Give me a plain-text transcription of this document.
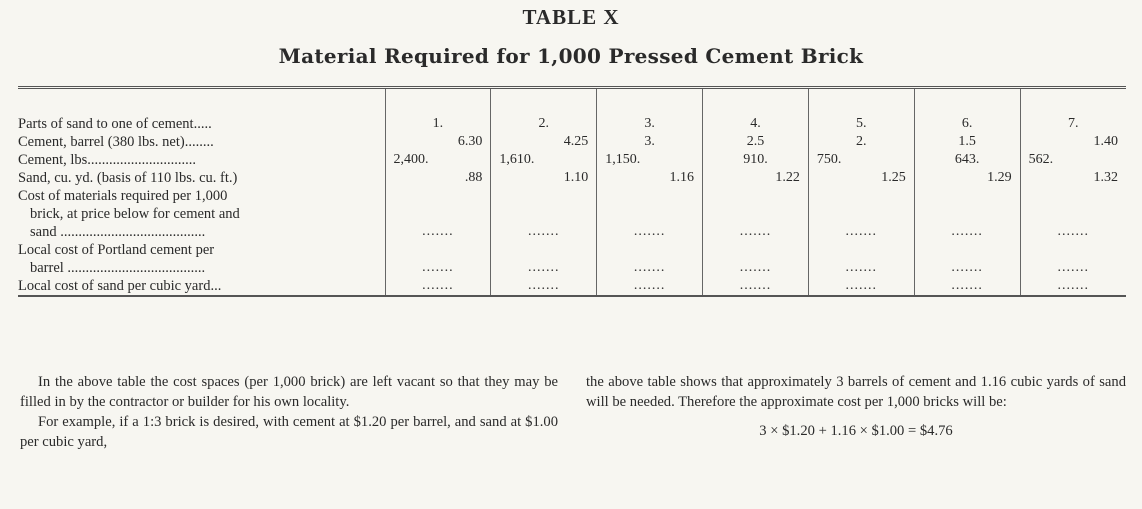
TABLE X
Material Required for 1,000 Pressed Cement Brick

Parts of sand to one of cement.....	1.	2.	3.	4.	5.	6.	7.
Cement, barrel (380 lbs. net)........	6.30	4.25	3.	2.5	2.	1.5	1.40
Cement, lbs..............................	2,400.	1,610.	1,150.	910.	750.	643.	562.
Sand, cu. yd. (basis of 110 lbs. cu. ft.)	.88	1.10	1.16	1.22	1.25	1.29	1.32

Cost of materials required per 1,000
brick, at price below for cement and
sand ........................................	.......	.......	.......	.......	.......	.......	.......

Local cost of Portland cement per
barrel ......................................	.......	.......	.......	.......	.......	.......	.......
Local cost of sand per cubic yard...	.......	.......	.......	.......	.......	.......	.......

In the above table the cost spaces (per 1,000 brick) are left vacant so that they may be filled in by the contractor or builder for his own locality.

For example, if a 1:3 brick is desired, with cement at $1.20 per barrel, and sand at $1.00 per cubic yard,

the above table shows that approximately 3 barrels of cement and 1.16 cubic yards of sand will be needed. Therefore the approximate cost per 1,000 bricks will be:

3 × $1.20 + 1.16 × $1.00 = $4.76
